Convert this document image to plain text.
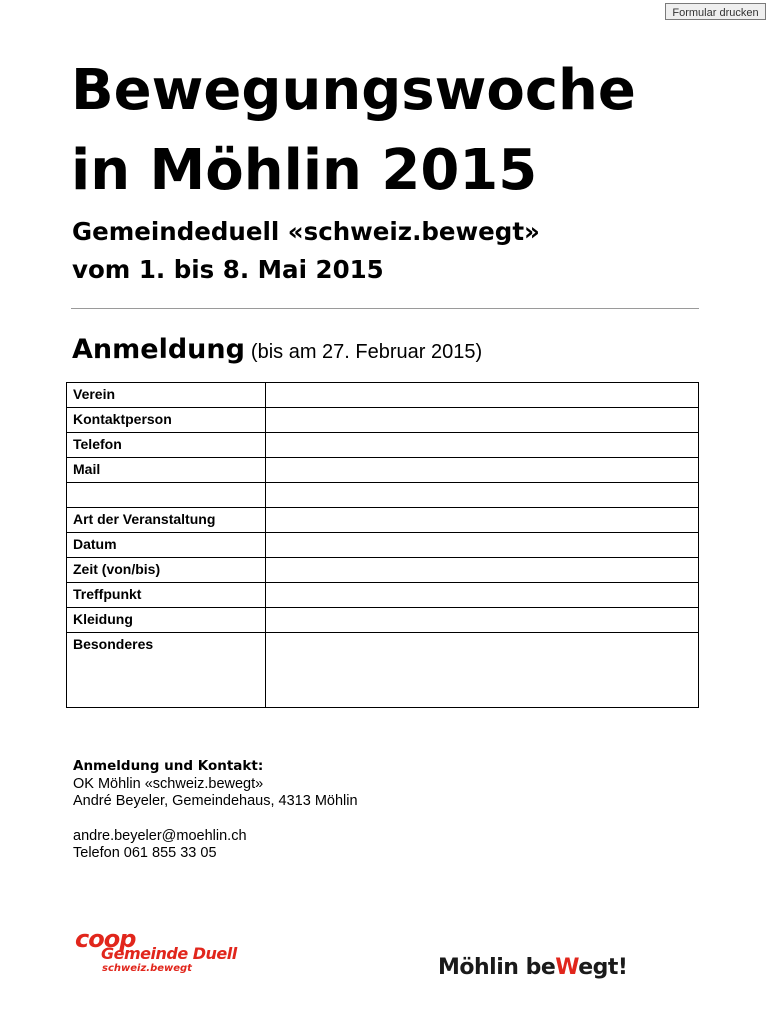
Formular drucken
Bewegungswoche
in Möhlin 2015
Gemeindeduell «schweiz.bewegt»
vom 1. bis 8. Mai 2015
Anmeldung (bis am 27. Februar 2015)
Verein	
Kontaktperson	
Telefon	
Mail	

Art der Veranstaltung	
Datum	
Zeit (von/bis)	
Treffpunkt	
Kleidung	
Besonderes	
Anmeldung und Kontakt:
OK Möhlin «schweiz.bewegt»
André Beyeler, Gemeindehaus, 4313 Möhlin
andre.beyeler@moehlin.ch
Telefon 061 855 33 05
coop
Gemeinde Duell
schweiz.bewegt	Möhlin beWegt!
